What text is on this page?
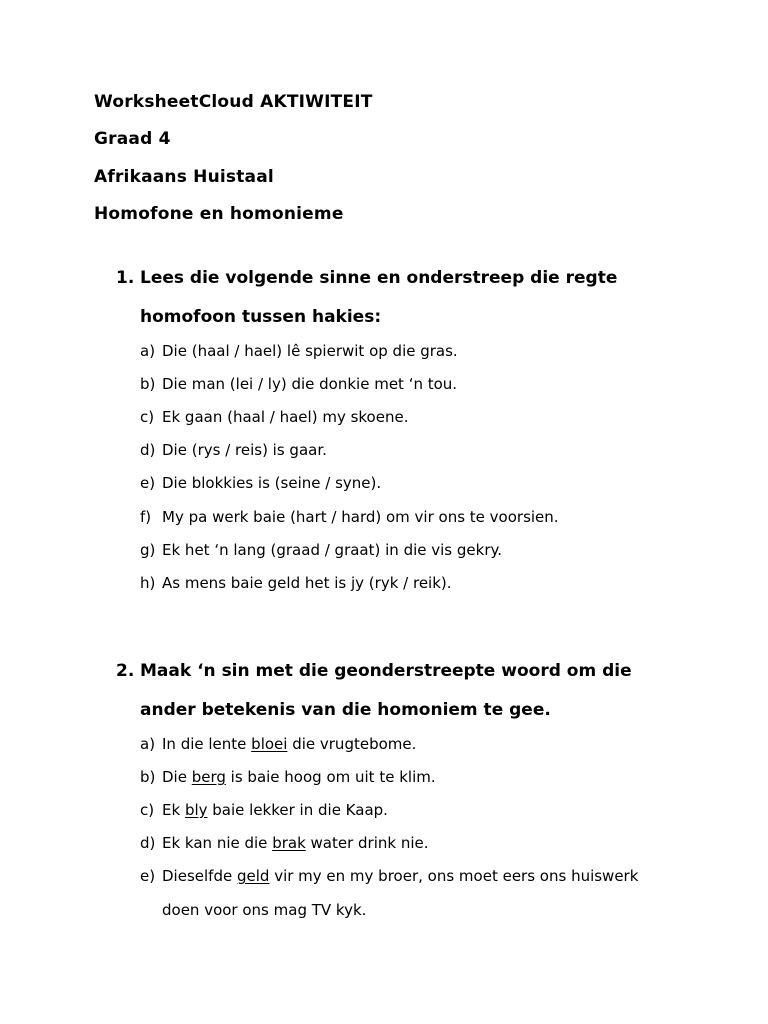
WorksheetCloud AKTIWITEIT
Graad 4
Afrikaans Huistaal
Homofone en homonieme
1. Lees die volgende sinne en onderstreep die regte
homofoon tussen hakies:
a) Die (haal / hael) lê spierwit op die gras.
b) Die man (lei / ly) die donkie met ‘n tou.
c) Ek gaan (haal / hael) my skoene.
d) Die (rys / reis) is gaar.
e) Die blokkies is (seine / syne).
f) My pa werk baie (hart / hard) om vir ons te voorsien.
g) Ek het ‘n lang (graad / graat) in die vis gekry.
h) As mens baie geld het is jy (ryk / reik).
2. Maak ‘n sin met die geonderstreepte woord om die
ander betekenis van die homoniem te gee.
a) In die lente bloei die vrugtebome.
b) Die berg is baie hoog om uit te klim.
c) Ek bly baie lekker in die Kaap.
d) Ek kan nie die brak water drink nie.
e) Dieselfde geld vir my en my broer, ons moet eers ons huiswerk
doen voor ons mag TV kyk.
